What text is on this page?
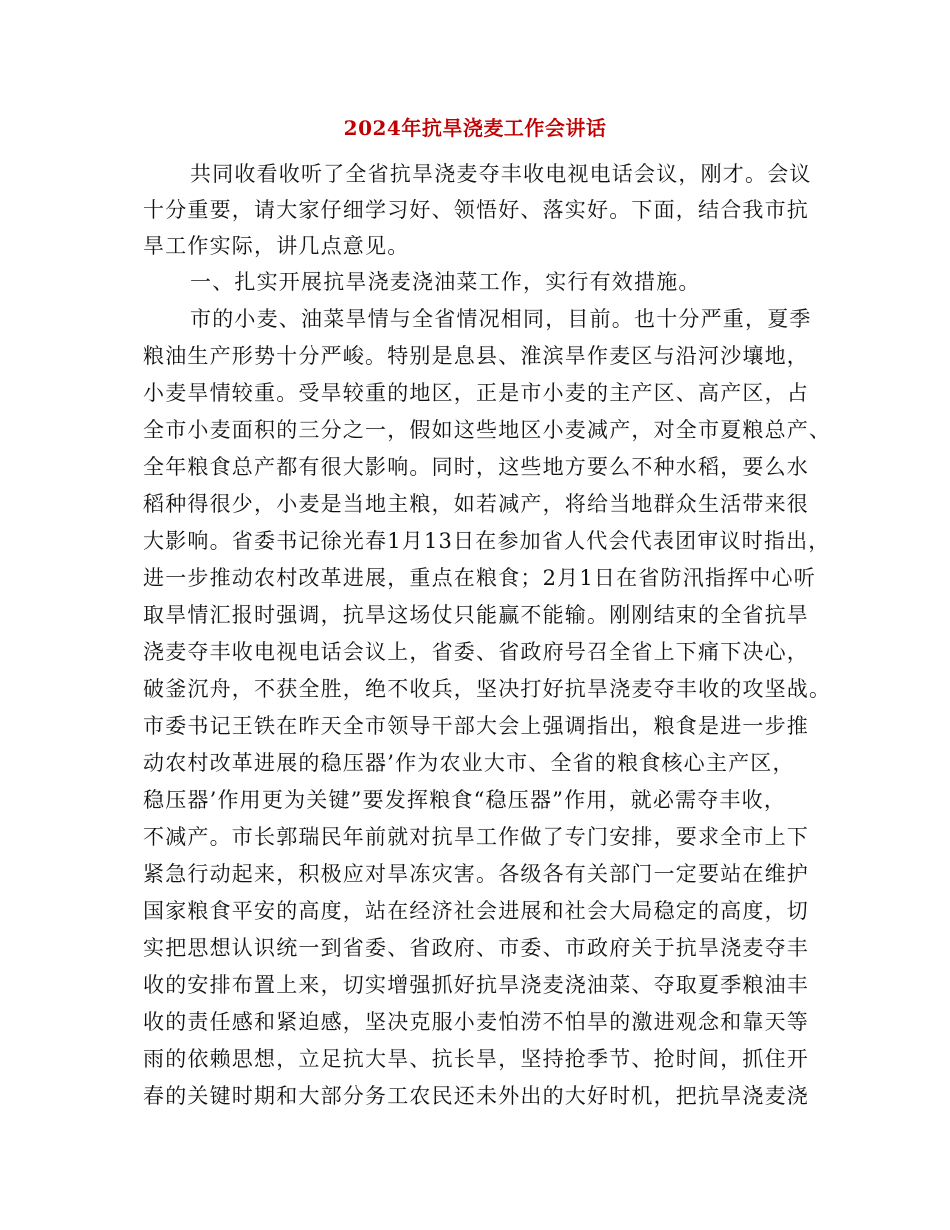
2024年抗旱浇麦工作会讲话
共同收看收听了全省抗旱浇麦夺丰收电视电话会议，刚才。会议
十分重要，请大家仔细学习好、领悟好、落实好。下面，结合我市抗
旱工作实际，讲几点意见。
一、扎实开展抗旱浇麦浇油菜工作，实行有效措施。
市的小麦、油菜旱情与全省情况相同，目前。也十分严重，夏季
粮油生产形势十分严峻。特别是息县、淮滨旱作麦区与沿河沙壤地，
小麦旱情较重。受旱较重的地区，正是市小麦的主产区、高产区，占
全市小麦面积的三分之一，假如这些地区小麦减产，对全市夏粮总产、
全年粮食总产都有很大影响。同时，这些地方要么不种水稻，要么水
稻种得很少，小麦是当地主粮，如若减产，将给当地群众生活带来很
大影响。省委书记徐光春1月13日在参加省人代会代表团审议时指出，
进一步推动农村改革进展，重点在粮食；2月1日在省防汛指挥中心听
取旱情汇报时强调，抗旱这场仗只能赢不能输。刚刚结束的全省抗旱
浇麦夺丰收电视电话会议上，省委、省政府号召全省上下痛下决心，
破釜沉舟，不获全胜，绝不收兵，坚决打好抗旱浇麦夺丰收的攻坚战。
市委书记王铁在昨天全市领导干部大会上强调指出，粮食是进一步推
动农村改革进展的稳压器’作为农业大市、全省的粮食核心主产区，
稳压器’作用更为关键”要发挥粮食“稳压器”作用，就必需夺丰收，
不减产。市长郭瑞民年前就对抗旱工作做了专门安排，要求全市上下
紧急行动起来，积极应对旱冻灾害。各级各有关部门一定要站在维护
国家粮食平安的高度，站在经济社会进展和社会大局稳定的高度，切
实把思想认识统一到省委、省政府、市委、市政府关于抗旱浇麦夺丰
收的安排布置上来，切实增强抓好抗旱浇麦浇油菜、夺取夏季粮油丰
收的责任感和紧迫感，坚决克服小麦怕涝不怕旱的激进观念和靠天等
雨的依赖思想，立足抗大旱、抗长旱，坚持抢季节、抢时间，抓住开
春的关键时期和大部分务工农民还未外出的大好时机，把抗旱浇麦浇
